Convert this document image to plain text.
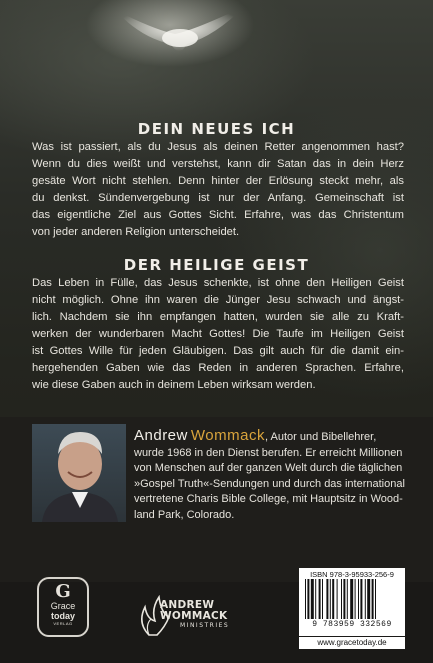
DEIN NEUES ICH
Was ist passiert, als du Jesus als deinen Retter angenommen hast?
Wenn du dies weißt und verstehst, kann dir Satan das in dein Herz
gesäte Wort nicht stehlen. Denn hinter der Erlösung steckt mehr, als
du denkst. Sündenvergebung ist nur der Anfang. Gemeinschaft ist
das eigentliche Ziel aus Gottes Sicht. Erfahre, was das Christentum
von jeder anderen Religion unterscheidet.
DER HEILIGE GEIST
Das Leben in Fülle, das Jesus schenkte, ist ohne den Heiligen Geist
nicht möglich. Ohne ihn waren die Jünger Jesu schwach und ängst-
lich. Nachdem sie ihn empfangen hatten, wurden sie alle zu Kraft-
werken der wunderbaren Macht Gottes! Die Taufe im Heiligen Geist
ist Gottes Wille für jeden Gläubigen. Das gilt auch für die damit ein-
hergehenden Gaben wie das Reden in anderen Sprachen. Erfahre,
wie diese Gaben auch in deinem Leben wirksam werden.
Andrew Wommack, Autor und Bibellehrer,
wurde 1968 in den Dienst berufen. Er erreicht Millionen
von Menschen auf der ganzen Welt durch die täglichen
»Gospel Truth«-Sendungen und durch das international
vertretene Charis Bible College, mit Hauptsitz in Wood-
land Park, Colorado.
G
Grace
today
VERLAG
ANDREW
WOMMACK
MINISTRIES
ISBN 978-3-95933-256-9
9 783959 332569
www.gracetoday.de
